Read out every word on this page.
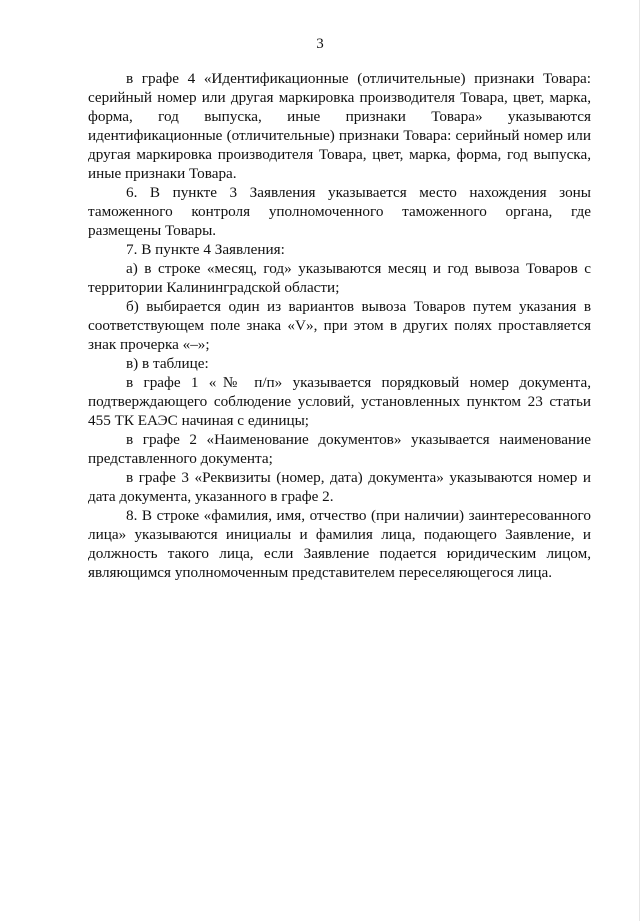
3

в графе 4 «Идентификационные (отличительные) признаки Товара: серийный номер или другая маркировка производителя Товара, цвет, марка, форма, год выпуска, иные признаки Товара» указываются идентификационные (отличительные) признаки Товара: серийный номер или другая маркировка производителя Товара, цвет, марка, форма, год выпуска, иные признаки Товара.

6. В пункте 3 Заявления указывается место нахождения зоны таможенного контроля уполномоченного таможенного органа, где размещены Товары.

7. В пункте 4 Заявления:

а) в строке «месяц, год» указываются месяц и год вывоза Товаров с территории Калининградской области;

б) выбирается один из вариантов вывоза Товаров путем указания в соответствующем поле знака «V», при этом в других полях проставляется знак прочерка «–»;

в) в таблице:

в графе 1 «№ п/п» указывается порядковый номер документа, подтверждающего соблюдение условий, установленных пунктом 23 статьи 455 ТК ЕАЭС начиная с единицы;

в графе 2 «Наименование документов» указывается наименование представленного документа;

в графе 3 «Реквизиты (номер, дата) документа» указываются номер и дата документа, указанного в графе 2.

8. В строке «фамилия, имя, отчество (при наличии) заинтересованного лица» указываются инициалы и фамилия лица, подающего Заявление, и должность такого лица, если Заявление подается юридическим лицом, являющимся уполномоченным представителем переселяющегося лица.
